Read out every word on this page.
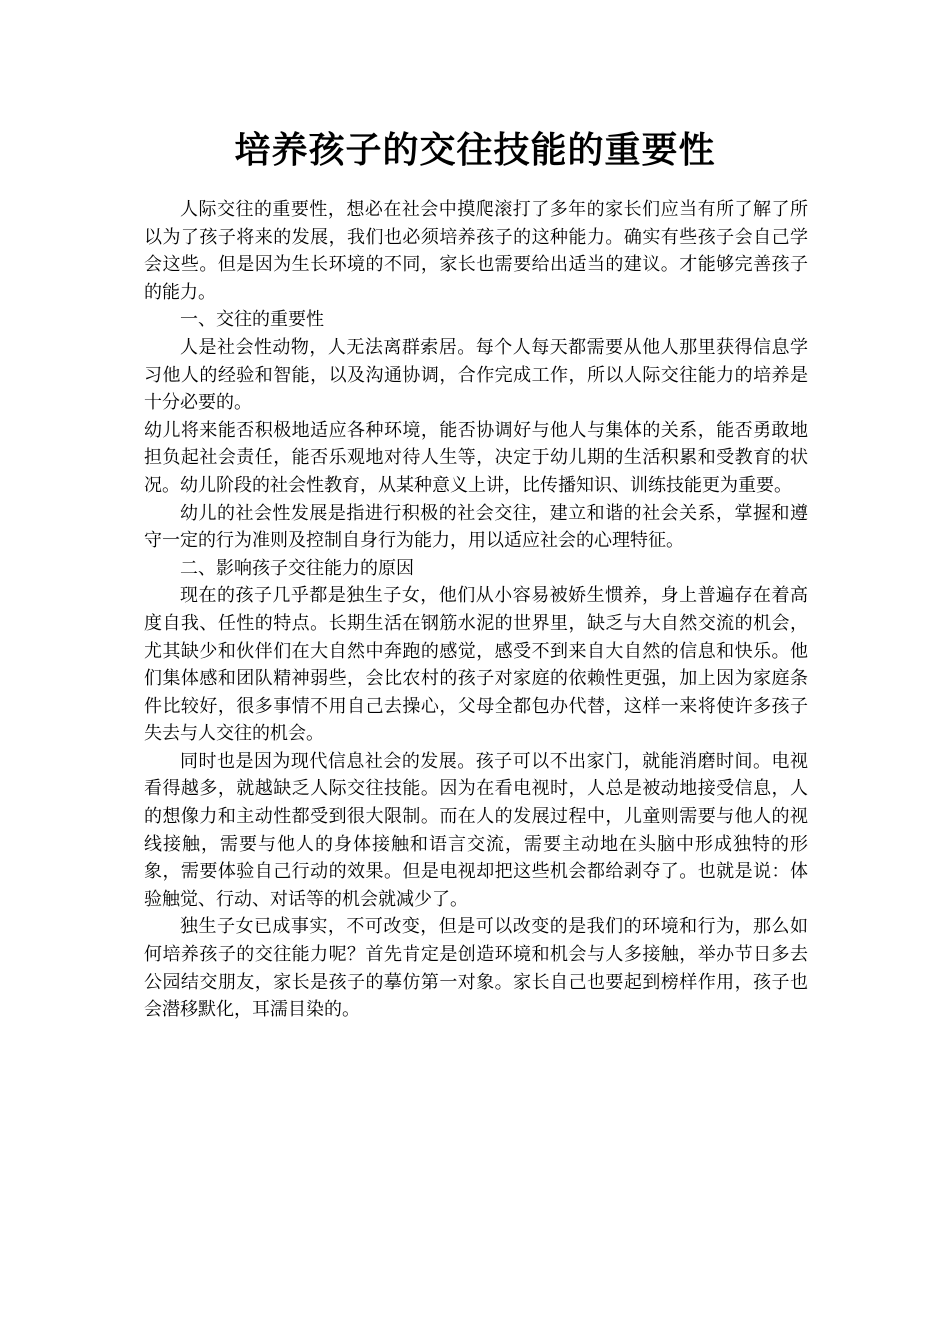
培养孩子的交往技能的重要性

人际交往的重要性，想必在社会中摸爬滚打了多年的家长们应当有所了解了所以为了孩子将来的发展，我们也必须培养孩子的这种能力。确实有些孩子会自己学会这些。但是因为生长环境的不同，家长也需要给出适当的建议。才能够完善孩子的能力。

一、交往的重要性

人是社会性动物，人无法离群索居。每个人每天都需要从他人那里获得信息学习他人的经验和智能，以及沟通协调，合作完成工作，所以人际交往能力的培养是十分必要的。

幼儿将来能否积极地适应各种环境，能否协调好与他人与集体的关系，能否勇敢地担负起社会责任，能否乐观地对待人生等，决定于幼儿期的生活积累和受教育的状况。幼儿阶段的社会性教育，从某种意义上讲，比传播知识、训练技能更为重要。

幼儿的社会性发展是指进行积极的社会交往，建立和谐的社会关系，掌握和遵守一定的行为准则及控制自身行为能力，用以适应社会的心理特征。

二、影响孩子交往能力的原因

现在的孩子几乎都是独生子女，他们从小容易被娇生惯养，身上普遍存在着高度自我、任性的特点。长期生活在钢筋水泥的世界里，缺乏与大自然交流的机会，尤其缺少和伙伴们在大自然中奔跑的感觉，感受不到来自大自然的信息和快乐。他们集体感和团队精神弱些，会比农村的孩子对家庭的依赖性更强，加上因为家庭条件比较好，很多事情不用自己去操心，父母全都包办代替，这样一来将使许多孩子失去与人交往的机会。

同时也是因为现代信息社会的发展。孩子可以不出家门，就能消磨时间。电视看得越多，就越缺乏人际交往技能。因为在看电视时，人总是被动地接受信息，人的想像力和主动性都受到很大限制。而在人的发展过程中，儿童则需要与他人的视线接触，需要与他人的身体接触和语言交流，需要主动地在头脑中形成独特的形象，需要体验自己行动的效果。但是电视却把这些机会都给剥夺了。也就是说：体验触觉、行动、对话等的机会就减少了。

独生子女已成事实，不可改变，但是可以改变的是我们的环境和行为，那么如何培养孩子的交往能力呢？首先肯定是创造环境和机会与人多接触，举办节日多去公园结交朋友，家长是孩子的摹仿第一对象。家长自己也要起到榜样作用，孩子也会潜移默化，耳濡目染的。
